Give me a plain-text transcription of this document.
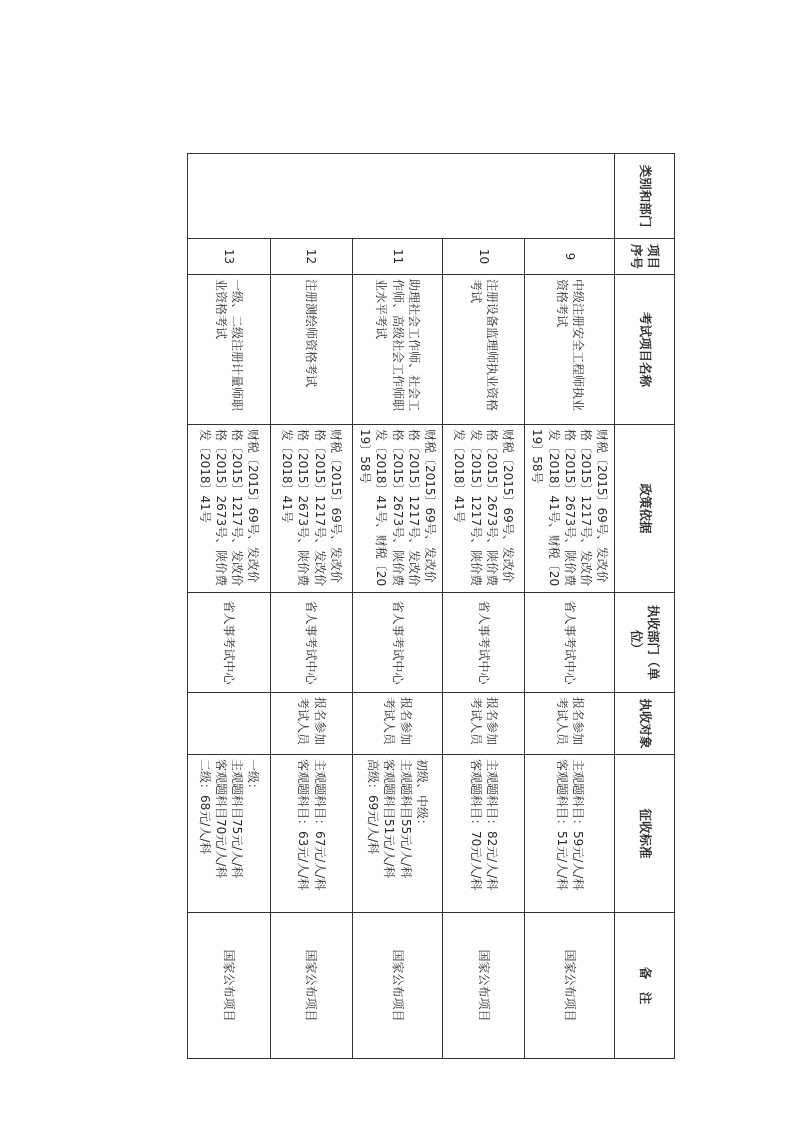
类别和部门	项目序号	考试项目名称	政策依据	执收部门（单位）	执收对象	征收标准	备　注
	9	中级注册安全工程师执业资格考试	财税〔2015〕69号、发改价格〔2015〕1217号、发改价格〔2015〕2673号、陕价费发〔2018〕41号、财税〔2019〕58号	省人事考试中心	报名参加考试人员	主观题科目：59元/人/科
客观题科目：51元/人/科	国家公布项目
	10	注册设备监理师执业资格考试	财税〔2015〕69号、发改价格〔2015〕2673号、陕价费发〔2015〕1217号、陕价费发〔2018〕41号	省人事考试中心	报名参加考试人员	主观题科目：82元/人/科
客观题科目：70元/人/科	国家公布项目
	11	助理社会工作师、社会工作师、高级社会工作师职业水平考试	财税〔2015〕69号、发改价格〔2015〕1217号、发改价格〔2015〕2673号、陕价费发〔2018〕41号、财税〔2019〕58号	省人事考试中心	报名参加考试人员	初级、中级：
主观题科目55元/人/科
客观题科目51元/人/科
高级：69元/人/科	国家公布项目
	12	注册测绘师资格考试	财税〔2015〕69号、发改价格〔2015〕1217号、发改价格〔2015〕2673号、陕价费发〔2018〕41号	省人事考试中心	报名参加考试人员	主观题科目：67元/人/科
客观题科目：63元/人/科	国家公布项目
	13	一级、二级注册计量师职业资格考试	财税〔2015〕69号、发改价格〔2015〕1217号、发改价格〔2015〕2673号、陕价费发〔2018〕41号	省人事考试中心		一级：
主观题科目75元/人/科
客观题科目70元/人/科
二级：68元/人/科	国家公布项目
